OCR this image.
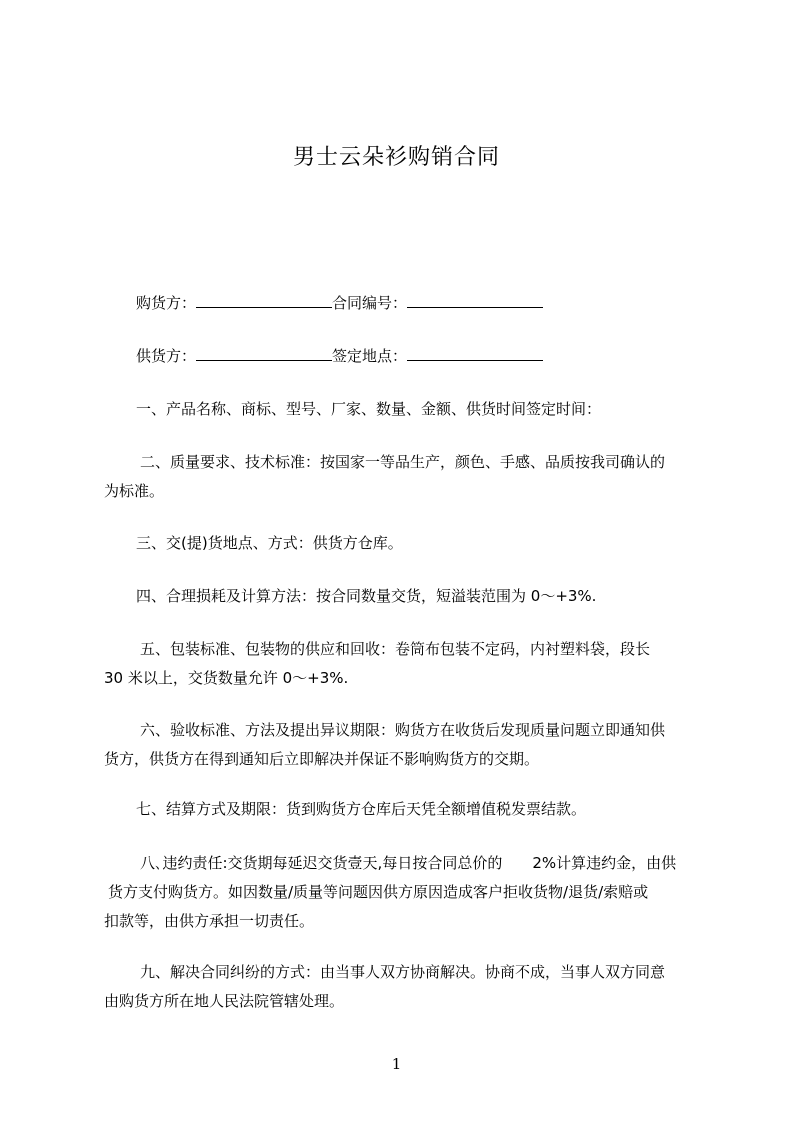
男士云朵衫购销合同
购货方：	合同编号：
供货方：	签定地点：

一、产品名称、商标、型号、厂家、数量、金额、供货时间签定时间：

二、质量要求、技术标准：按国家一等品生产，颜色、手感、品质按我司确认的

为标准。

三、交(提)货地点、方式：供货方仓库。

四、合理损耗及计算方法：按合同数量交货，短溢装范围为 0～+3%.

五、包装标准、包装物的供应和回收：卷筒布包装不定码，内衬塑料袋，段长

30 米以上，交货数量允许 0～+3%.

六、验收标准、方法及提出异议期限：购货方在收货后发现质量问题立即通知供

货方，供货方在得到通知后立即解决并保证不影响购货方的交期。

七、结算方式及期限：货到购货方仓库后天凭全额增值税发票结款。

八､违约责任:交货期每延迟交货壹天,每日按合同总价的　　2%计算违约金，由供

货方支付购货方。如因数量/质量等问题因供方原因造成客户拒收货物/退货/索赔或

扣款等，由供方承担一切责任。

九、解决合同纠纷的方式：由当事人双方协商解决。协商不成，当事人双方同意

由购货方所在地人民法院管辖处理。

1
